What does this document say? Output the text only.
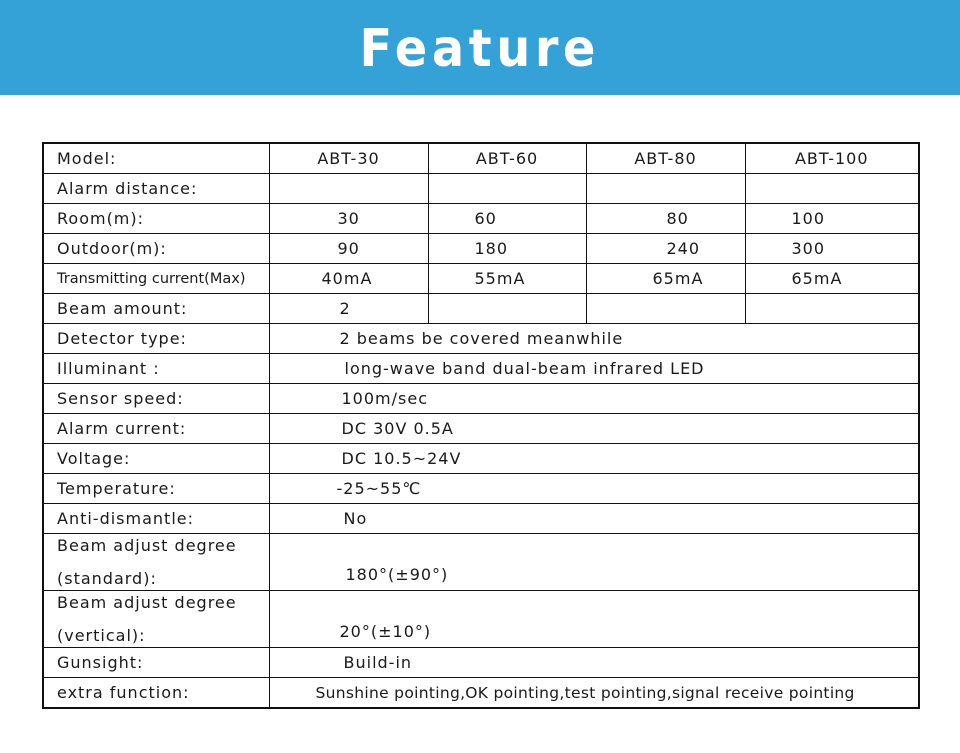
Feature
Model:	ABT-30	ABT-60	ABT-80	ABT-100
Alarm distance:				
Room(m):	30	60	80	100
Outdoor(m):	90	180	240	300
Transmitting current(Max)	40mA	55mA	65mA	65mA
Beam amount:	2			
Detector type:	2 beams be covered meanwhile			
Illuminant :	long-wave band dual-beam infrared LED			
Sensor speed:	100m/sec			
Alarm current:	DC 30V 0.5A			
Voltage:	DC 10.5~24V			
Temperature:	-25~55℃			
Anti-dismantle:	No			

Beam adjust degree
(standard):	180°(±90°)			

Beam adjust degree
(vertical):	20°(±10°)			
Gunsight:	Build-in			
extra function:	Sunshine pointing,OK pointing,test pointing,signal receive pointing			
